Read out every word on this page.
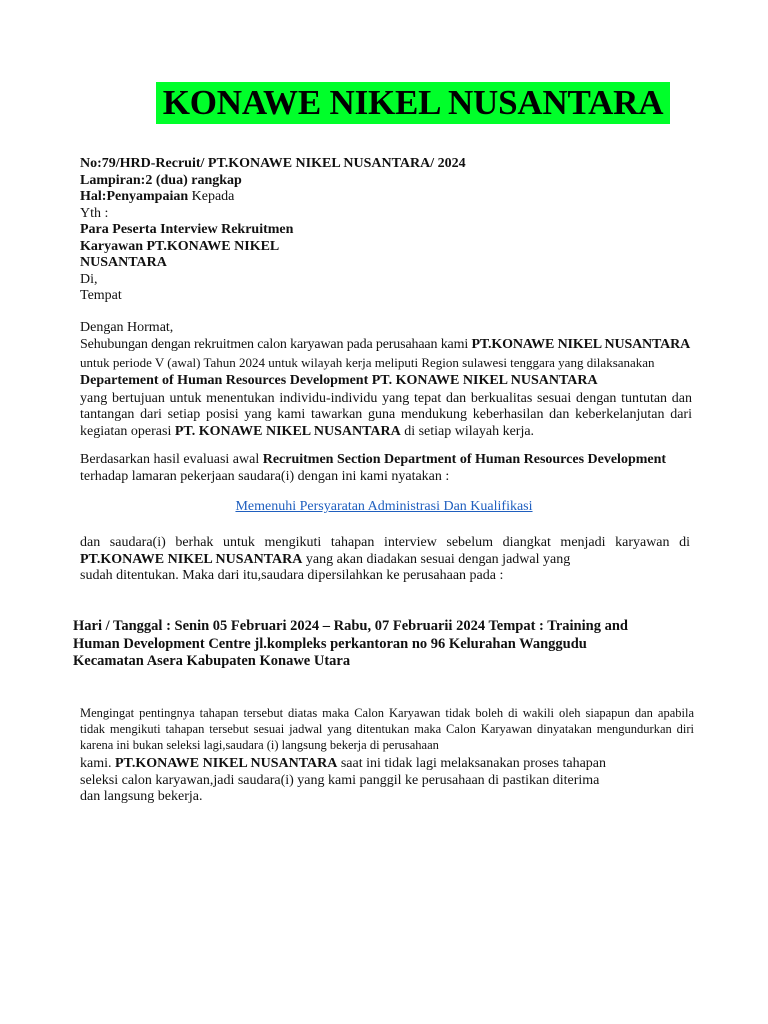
KONAWE NIKEL NUSANTARA
No:79/HRD-Recruit/ PT.KONAWE NIKEL NUSANTARA/ 2024
Lampiran:2 (dua) rangkap
Hal:Penyampaian Kepada
Yth :
Para Peserta Interview Rekruitmen
Karyawan PT.KONAWE NIKEL
NUSANTARA
Di,
Tempat
Dengan Hormat,
Sehubungan dengan rekruitmen calon karyawan pada perusahaan kami PT.KONAWE NIKEL NUSANTARA
untuk periode V (awal) Tahun 2024 untuk wilayah kerja meliputi Region sulawesi tenggara yang dilaksanakan
Departement of Human Resources Development PT. KONAWE NIKEL NUSANTARA
yang bertujuan untuk menentukan individu-individu yang tepat dan berkualitas sesuai dengan tuntutan dan tantangan dari setiap posisi yang kami tawarkan guna mendukung keberhasilan dan keberkelanjutan dari kegiatan operasi PT. KONAWE NIKEL NUSANTARA di setiap wilayah kerja.
Berdasarkan hasil evaluasi awal Recruitmen Section Department of Human Resources Development
terhadap lamaran pekerjaan saudara(i) dengan ini kami nyatakan :
Memenuhi Persyaratan Administrasi Dan Kualifikasi
dan saudara(i) berhak untuk mengikuti tahapan interview sebelum diangkat menjadi karyawan di
PT.KONAWE NIKEL NUSANTARA yang akan diadakan sesuai dengan jadwal yang
sudah ditentukan. Maka dari itu,saudara dipersilahkan ke perusahaan pada :
Hari / Tanggal : Senin 05 Februari 2024 – Rabu, 07 Februarii 2024 Tempat : Training and
Human Development Centre jl.kompleks perkantoran no 96 Kelurahan Wanggudu
Kecamatan Asera Kabupaten Konawe Utara
Mengingat pentingnya tahapan tersebut diatas maka Calon Karyawan tidak boleh di wakili oleh siapapun dan apabila tidak mengikuti tahapan tersebut sesuai jadwal yang ditentukan maka Calon Karyawan dinyatakan mengundurkan diri karena ini bukan seleksi lagi,saudara (i) langsung bekerja di perusahaan
kami. PT.KONAWE NIKEL NUSANTARA saat ini tidak lagi melaksanakan proses tahapan
seleksi calon karyawan,jadi saudara(i) yang kami panggil ke perusahaan di pastikan diterima
dan langsung bekerja.
